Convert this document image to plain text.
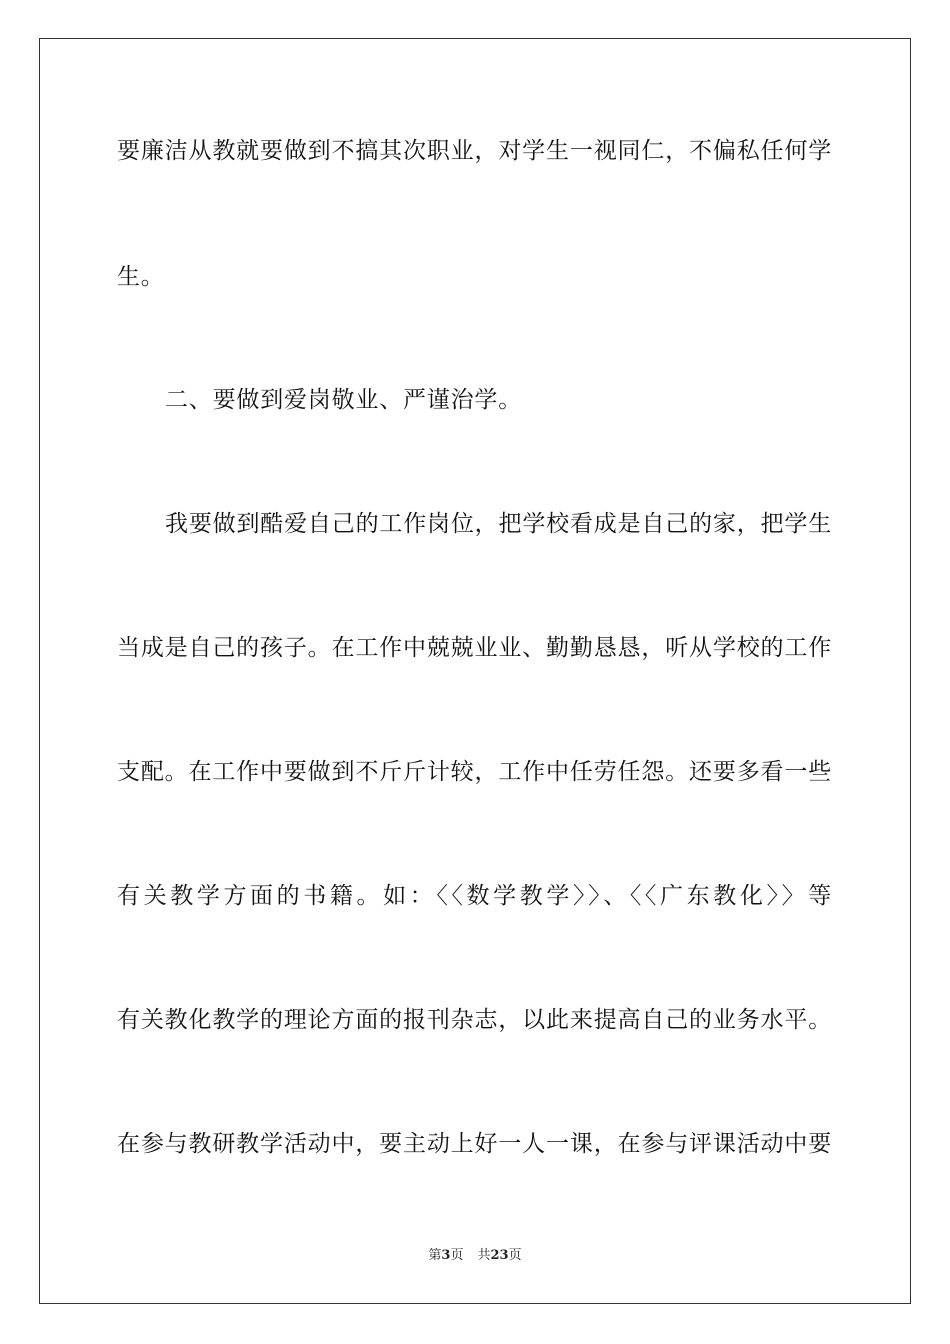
要廉洁从教就要做到不搞其次职业，对学生一视同仁，不偏私任何学
生。
二、要做到爱岗敬业、严谨治学。
我要做到酷爱自己的工作岗位，把学校看成是自己的家，把学生
当成是自己的孩子。在工作中兢兢业业、勤勤恳恳，听从学校的工作
支配。在工作中要做到不斤斤计较，工作中任劳任怨。还要多看一些
有关教学方面的书籍。如：〈〈数学教学〉〉、〈〈广东教化〉〉等
有关教化教学的理论方面的报刊杂志，以此来提高自己的业务水平。
在参与教研教学活动中，要主动上好一人一课，在参与评课活动中要
第3页 共23页
